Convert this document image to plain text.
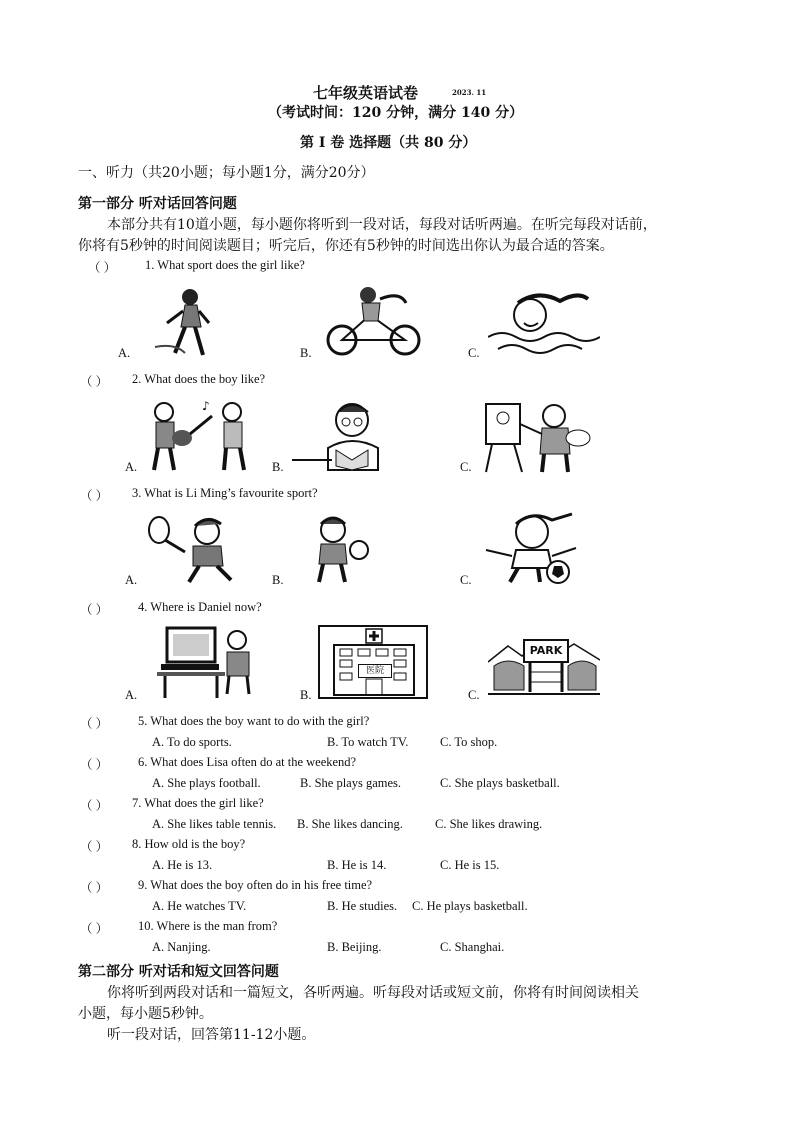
七年级英语试卷	2023. 11
（考试时间：120 分钟，满分 140 分）
第 I 卷 选择题（共 80 分）
一、听力（共20小题；每小题1分，满分20分）
第一部分 听对话回答问题
本部分共有10道小题，每小题你将听到一段对话，每段对话听两遍。在听完每段对话前，
你将有5秒钟的时间阅读题目；听完后，你还有5秒钟的时间选出你认为最合适的答案。
（ ） 1. What sport does the girl like?
A.	B.	C.
（ ） 2. What does the boy like?
A.	B.	C.
♪
（ ） 3. What is Li Ming’s favourite sport?
A.	B.	C.
（ ） 4. Where is Daniel now?
A.	B.	C.
医院
PARK
（ ） 5. What does the boy want to do with the girl?
A. To do sports.	B. To watch TV.	C. To shop.
（ ） 6. What does Lisa often do at the weekend?
A. She plays football.	B. She plays games.	C. She plays basketball.
（ ） 7. What does the girl like?
A. She likes table tennis. B. She likes dancing.	C. She likes drawing.
（ ） 8. How old is the boy?
A. He is 13.	B. He is 14.	C. He is 15.
（ ） 9. What does the boy often do in his free time?
A. He watches TV.	B. He studies. C. He plays basketball.
（ ） 10. Where is the man from?
A. Nanjing.	B. Beijing.	C. Shanghai.
第二部分 听对话和短文回答问题
你将听到两段对话和一篇短文，各听两遍。听每段对话或短文前，你将有时间阅读相关
小题，每小题5秒钟。
听一段对话，回答第11-12小题。
